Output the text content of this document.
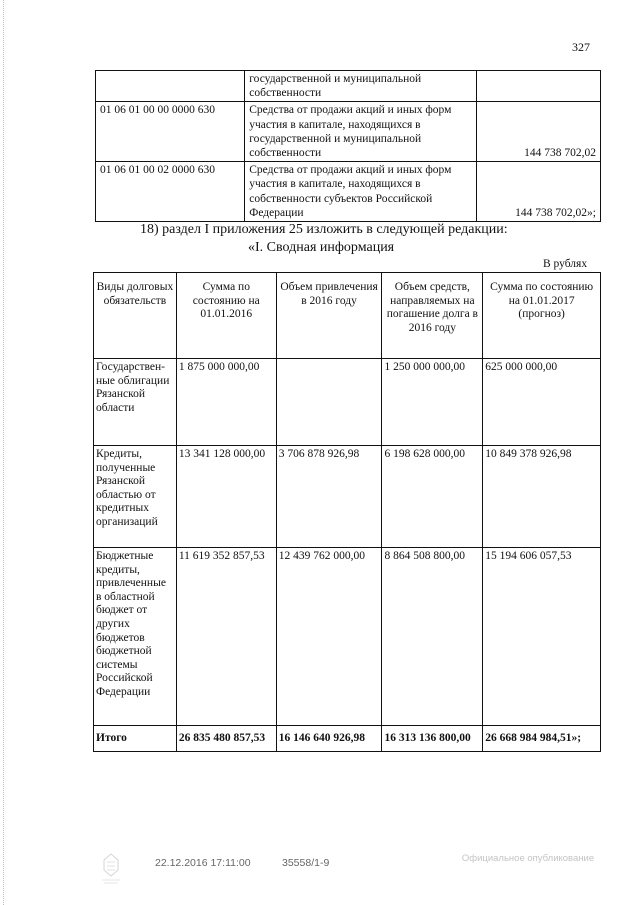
327
	государственной и муниципальной собственности	
01 06 01 00 00 0000 630	Средства от продажи акций и иных форм участия в капитале, находящихся в государственной и муниципальной собственности	144 738 702,02
01 06 01 00 02 0000 630	Средства от продажи акций и иных форм участия в капитале, находящихся в собственности субъектов Российской Федерации	144 738 702,02»;
18) раздел I приложения 25 изложить в следующей редакции:
«I. Сводная информация
В рублях
Виды долговых обязательств	Сумма по состоянию на 01.01.2016	Объем привлечения в 2016 году	Объем средств, направляемых на погашение долга в 2016 году	Сумма по состоянию на 01.01.2017 (прогноз)
Государствен-ные облигации Рязанской области	1 875 000 000,00		1 250 000 000,00	625 000 000,00
Кредиты, полученные Рязанской областью от кредитных организаций	13 341 128 000,00	3 706 878 926,98	6 198 628 000,00	10 849 378 926,98
Бюджетные кредиты, привлеченные в областной бюджет от других бюджетов бюджетной системы Российской Федерации	11 619 352 857,53	12 439 762 000,00	8 864 508 800,00	15 194 606 057,53
Итого	26 835 480 857,53	16 146 640 926,98	16 313 136 800,00	26 668 984 984,51»;
22.12.2016 17:11:00	35558/1-9	Официальное опубликование
